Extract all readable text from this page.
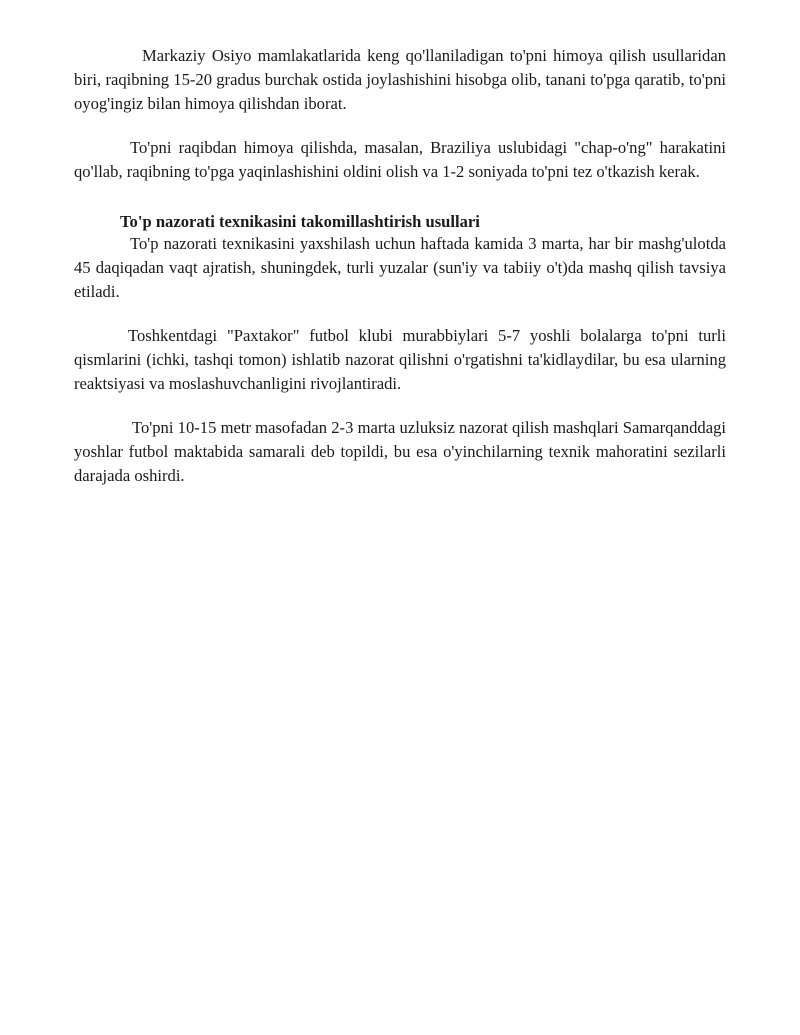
Markaziy Osiyo mamlakatlarida keng qo'llaniladigan to'pni himoya qilish usullaridan biri, raqibning 15-20 gradus burchak ostida joylashishini hisobga olib, tanani to'pga qaratib, to'pni oyog'ingiz bilan himoya qilishdan iborat.

To'pni raqibdan himoya qilishda, masalan, Braziliya uslubidagi "chap-o'ng" harakatini qo'llab, raqibning to'pga yaqinlashishini oldini olish va 1-2 soniyada to'pni tez o'tkazish kerak.

To'p nazorati texnikasini takomillashtirish usullari

To'p nazorati texnikasini yaxshilash uchun haftada kamida 3 marta, har bir mashg'ulotda 45 daqiqadan vaqt ajratish, shuningdek, turli yuzalar (sun'iy va tabiiy o't)da mashq qilish tavsiya etiladi.

Toshkentdagi "Paxtakor" futbol klubi murabbiylari 5-7 yoshli bolalarga to'pni turli qismlarini (ichki, tashqi tomon) ishlatib nazorat qilishni o'rgatishni ta'kidlaydilar, bu esa ularning reaktsiyasi va moslashuvchanligini rivojlantiradi.

To'pni 10-15 metr masofadan 2-3 marta uzluksiz nazorat qilish mashqlari Samarqanddagi yoshlar futbol maktabida samarali deb topildi, bu esa o'yinchilarning texnik mahoratini sezilarli darajada oshirdi.
